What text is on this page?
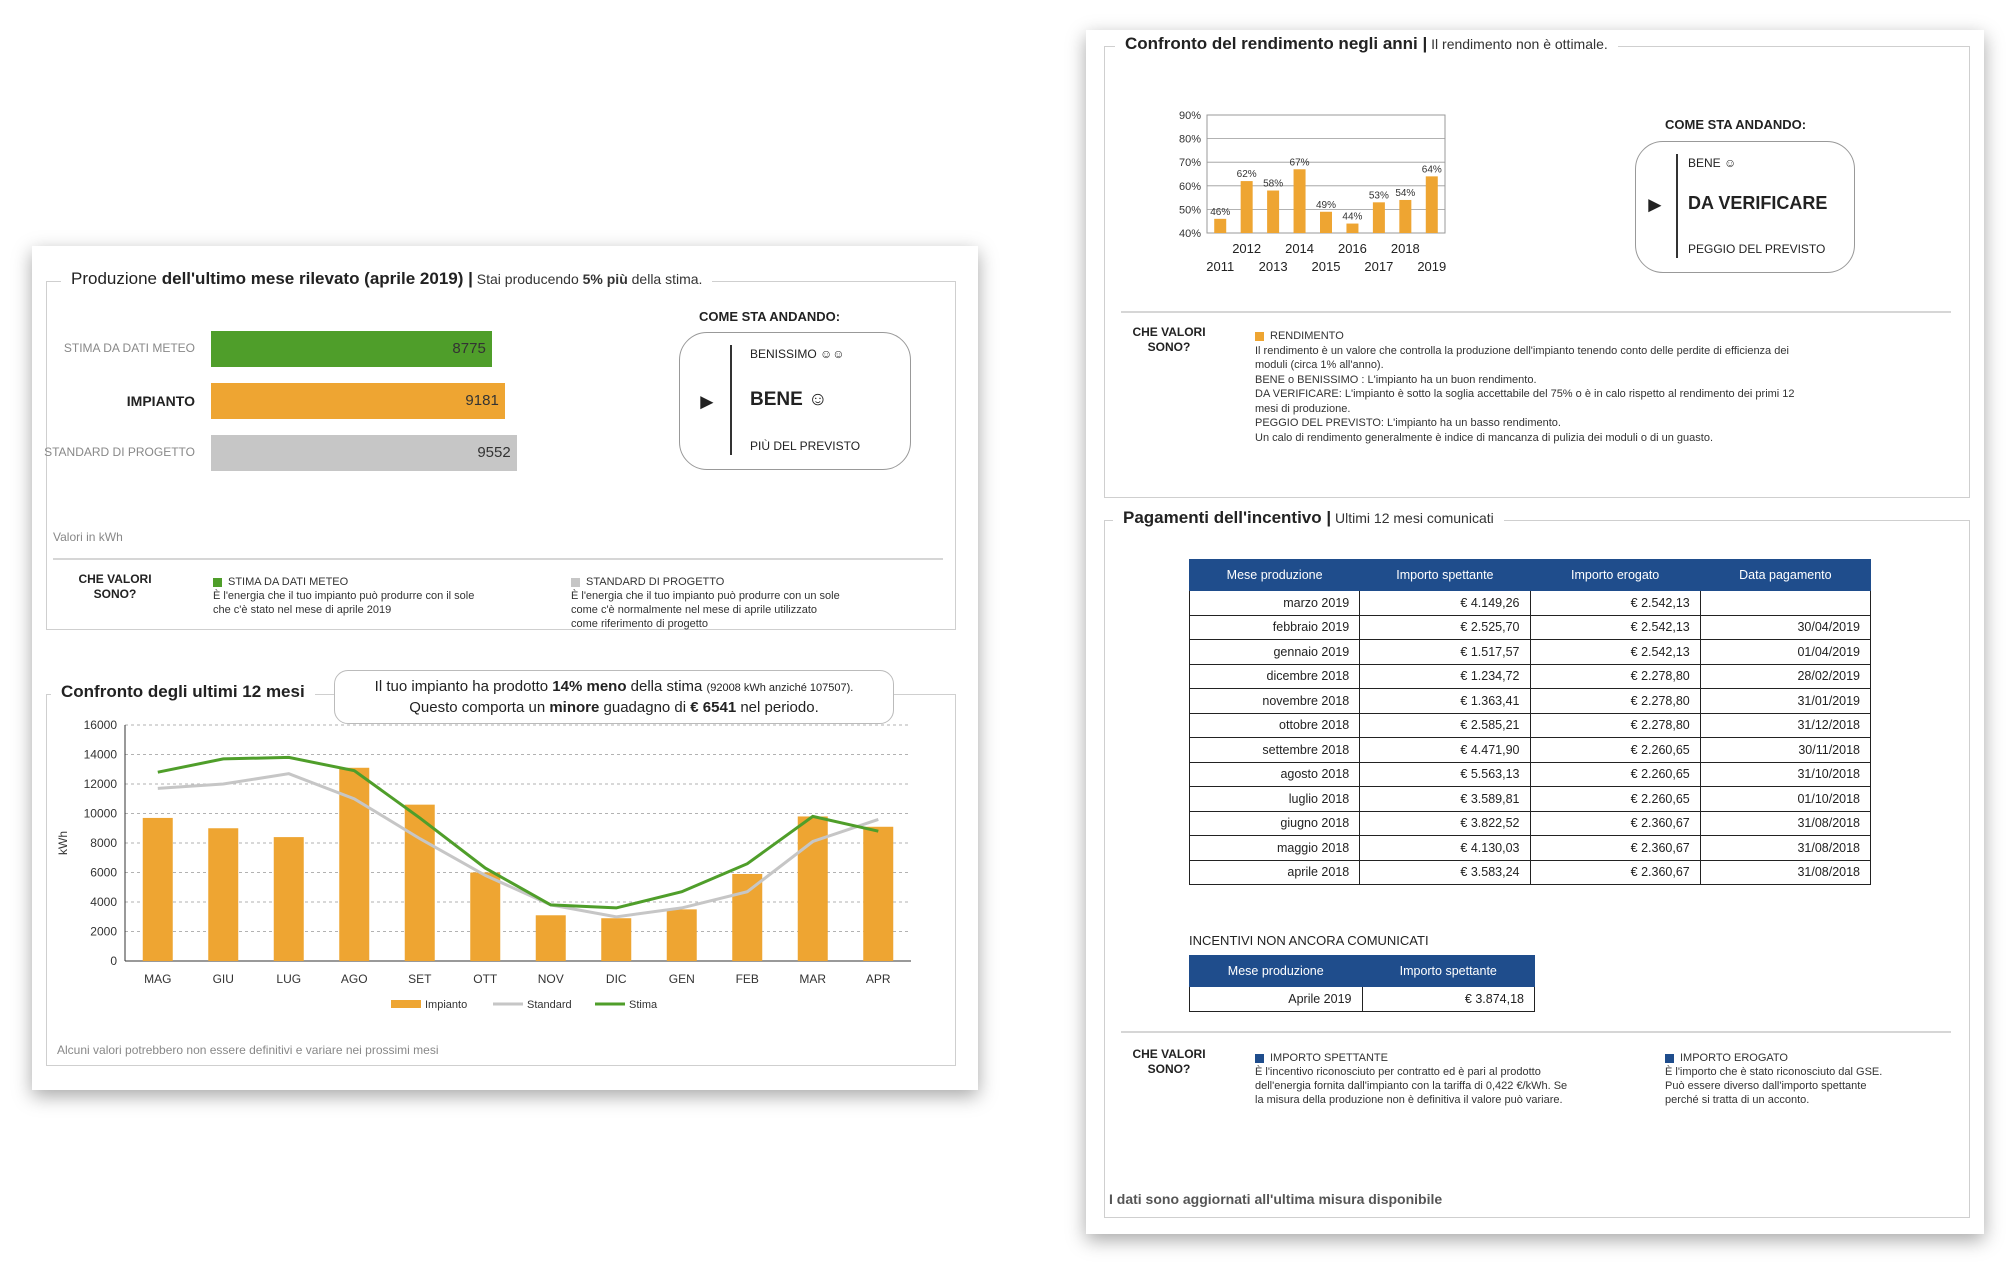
Produzione dell'ultimo mese rilevato (aprile 2019) | Stai producendo 5% più della stima.
STIMA DA DATI METEO	8775
IMPIANTO	9181
STANDARD DI PROGETTO	9552
Valori in kWh
COME STA ANDANDO:
BENISSIMO ☺☺
► BENE ☺
PIÙ DEL PREVISTO
CHE VALORI
SONO?
STIMA DA DATI METEO
È l'energia che il tuo impianto può produrre con il sole
che c'è stato nel mese di aprile 2019
STANDARD DI PROGETTO
È l'energia che il tuo impianto può produrre con un sole
come c'è normalmente nel mese di aprile utilizzato
come riferimento di progetto
Confronto degli ultimi 12 mesi
16000
14000
12000
10000
8000
6000
4000
2000
0
kWh
MAG	GIU	LUG	AGO	SET	OTT	NOV	DIC	GEN	FEB	MAR	APR
Impianto	Standard	Stima
Alcuni valori potrebbero non essere definitivi e variare nei prossimi mesi
Il tuo impianto ha prodotto 14% meno della stima (92008 kWh anziché 107507).
Questo comporta un minore guadagno di € 6541 nel periodo.
Confronto del rendimento negli anni | Il rendimento non è ottimale.
90%
80%
70%
60%
50%
40%
46%
2011
62%
2012
58%
2013
67%
2014
49%
2015
44%
2016
53%
2017
54%
2018
64%
2019
COME STA ANDANDO:
BENE ☺
► DA VERIFICARE
PEGGIO DEL PREVISTO
CHE VALORI
SONO?
RENDIMENTO
Il rendimento è un valore che controlla la produzione dell'impianto tenendo conto delle perdite di efficienza dei
moduli (circa 1% all'anno).
BENE o BENISSIMO : L'impianto ha un buon rendimento.
DA VERIFICARE: L'impianto è sotto la soglia accettabile del 75% o è in calo rispetto al rendimento dei primi 12
mesi di produzione.
PEGGIO DEL PREVISTO: L'impianto ha un basso rendimento.
Un calo di rendimento generalmente è indice di mancanza di pulizia dei moduli o di un guasto.
Pagamenti dell'incentivo | Ultimi 12 mesi comunicati
Mese produzione	Importo spettante	Importo erogato	Data pagamento
marzo 2019	€ 4.149,26	€ 2.542,13	
febbraio 2019	€ 2.525,70	€ 2.542,13	30/04/2019
gennaio 2019	€ 1.517,57	€ 2.542,13	01/04/2019
dicembre 2018	€ 1.234,72	€ 2.278,80	28/02/2019
novembre 2018	€ 1.363,41	€ 2.278,80	31/01/2019
ottobre 2018	€ 2.585,21	€ 2.278,80	31/12/2018
settembre 2018	€ 4.471,90	€ 2.260,65	30/11/2018
agosto 2018	€ 5.563,13	€ 2.260,65	31/10/2018
luglio 2018	€ 3.589,81	€ 2.260,65	01/10/2018
giugno 2018	€ 3.822,52	€ 2.360,67	31/08/2018
maggio 2018	€ 4.130,03	€ 2.360,67	31/08/2018
aprile 2018	€ 3.583,24	€ 2.360,67	31/08/2018
INCENTIVI NON ANCORA COMUNICATI
Mese produzione	Importo spettante
Aprile 2019	€ 3.874,18
CHE VALORI
SONO?
IMPORTO SPETTANTE
È l'incentivo riconosciuto per contratto ed è pari al prodotto
dell'energia fornita dall'impianto con la tariffa di 0,422 €/kWh. Se
la misura della produzione non è definitiva il valore può variare.
IMPORTO EROGATO
È l'importo che è stato riconosciuto dal GSE.
Può essere diverso dall'importo spettante
perché si tratta di un acconto.
I dati sono aggiornati all'ultima misura disponibile
